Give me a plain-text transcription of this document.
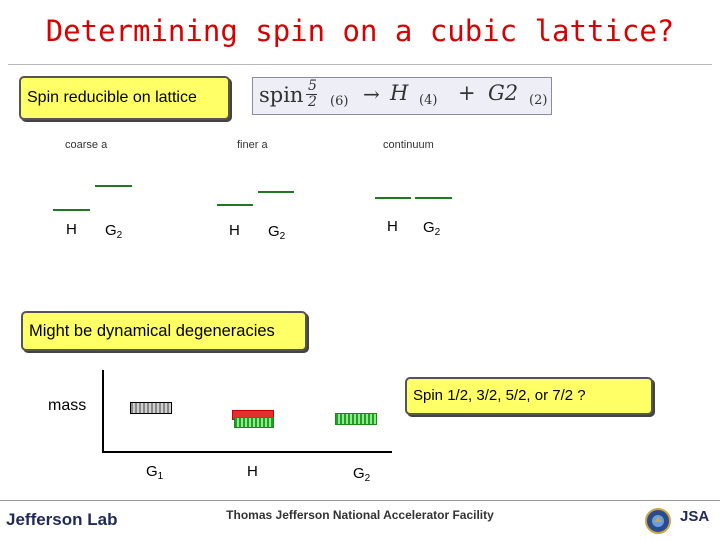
Determining spin on a cubic lattice?
Spin reducible on lattice	spin 5
2 (6) → H (4) + G2 (2)
coarse a
H $G_2$
finer a
H $G_2$
continuum
H $G_2$
Might be dynamical degeneracies
mass
$G_1$	H	$G_2$
Spin 1/2, 3/2, 5/2, or 7/2 ?
Jefferson Lab	Thomas Jefferson National Accelerator Facility	JSA
